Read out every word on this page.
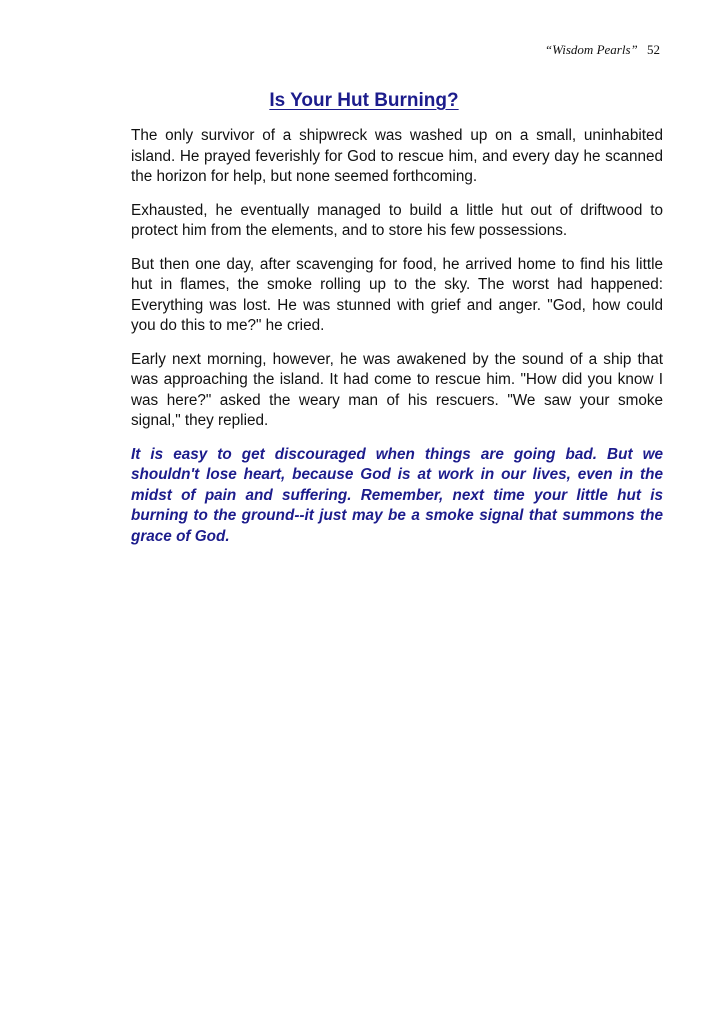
“Wisdom Pearls” 52
Is Your Hut Burning?

The only survivor of a shipwreck was washed up on a small, uninhabited island. He prayed feverishly for God to rescue him, and every day he scanned the horizon for help, but none seemed forthcoming.

Exhausted, he eventually managed to build a little hut out of driftwood to protect him from the elements, and to store his few possessions.

But then one day, after scavenging for food, he arrived home to find his little hut in flames, the smoke rolling up to the sky. The worst had happened: Everything was lost. He was stunned with grief and anger. "God, how could you do this to me?" he cried.

Early next morning, however, he was awakened by the sound of a ship that was approaching the island. It had come to rescue him. "How did you know I was here?" asked the weary man of his rescuers. "We saw your smoke signal," they replied.

It is easy to get discouraged when things are going bad. But we shouldn't lose heart, because God is at work in our lives, even in the midst of pain and suffering. Remember, next time your little hut is burning to the ground--it just may be a smoke signal that summons the grace of God.
